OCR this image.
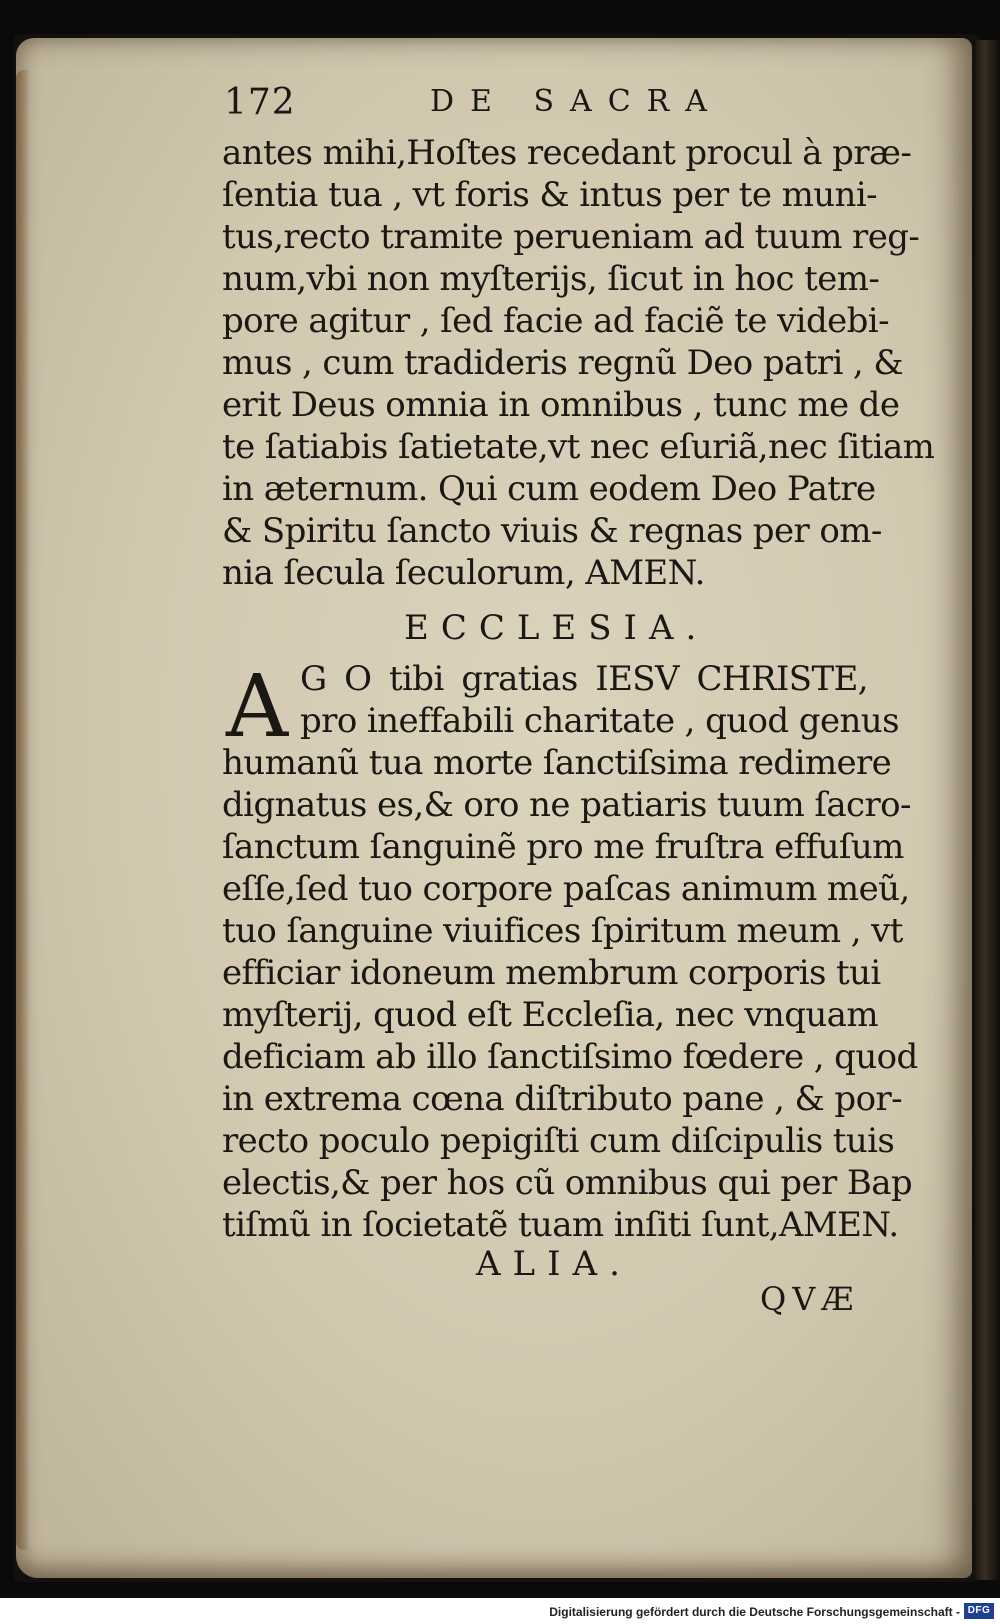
172	DE SACRA
antes mihi,Hoſtes recedant procul à præ-
ſentia tua , vt foris & intus per te muni-
tus,recto tramite perueniam ad tuum reg-
num,vbi non myſterijs, ſicut in hoc tem-
pore agitur , ſed facie ad faciẽ te videbi-
mus , cum tradideris regnũ Deo patri , &
erit Deus omnia in omnibus , tunc me de
te ſatiabis ſatietate,vt nec eſuriã,nec ſitiam
in æternum. Qui cum eodem Deo Patre
& Spiritu ſancto viuis & regnas per om-
nia ſecula ſeculorum, AMEN.
ECCLESIA.
A G O tibi gratias IESV CHRISTE,
pro ineffabili charitate , quod genus
humanũ tua morte ſanctiſsima redimere
dignatus es,& oro ne patiaris tuum ſacro-
ſanctum ſanguinẽ pro me fruſtra effuſum
eſſe,ſed tuo corpore paſcas animum meũ,
tuo ſanguine viuifices ſpiritum meum , vt
efficiar idoneum membrum corporis tui
myſterij, quod eſt Eccleſia, nec vnquam
deficiam ab illo ſanctiſsimo fœdere , quod
in extrema cœna diſtributo pane , & por-
recto poculo pepigiſti cum diſcipulis tuis
electis,& per hos cũ omnibus qui per Bap
tiſmũ in ſocietatẽ tuam inſiti ſunt,AMEN.
ALIA.
QVÆ
Digitalisierung gefördert durch die Deutsche Forschungsgemeinschaft - DFG
